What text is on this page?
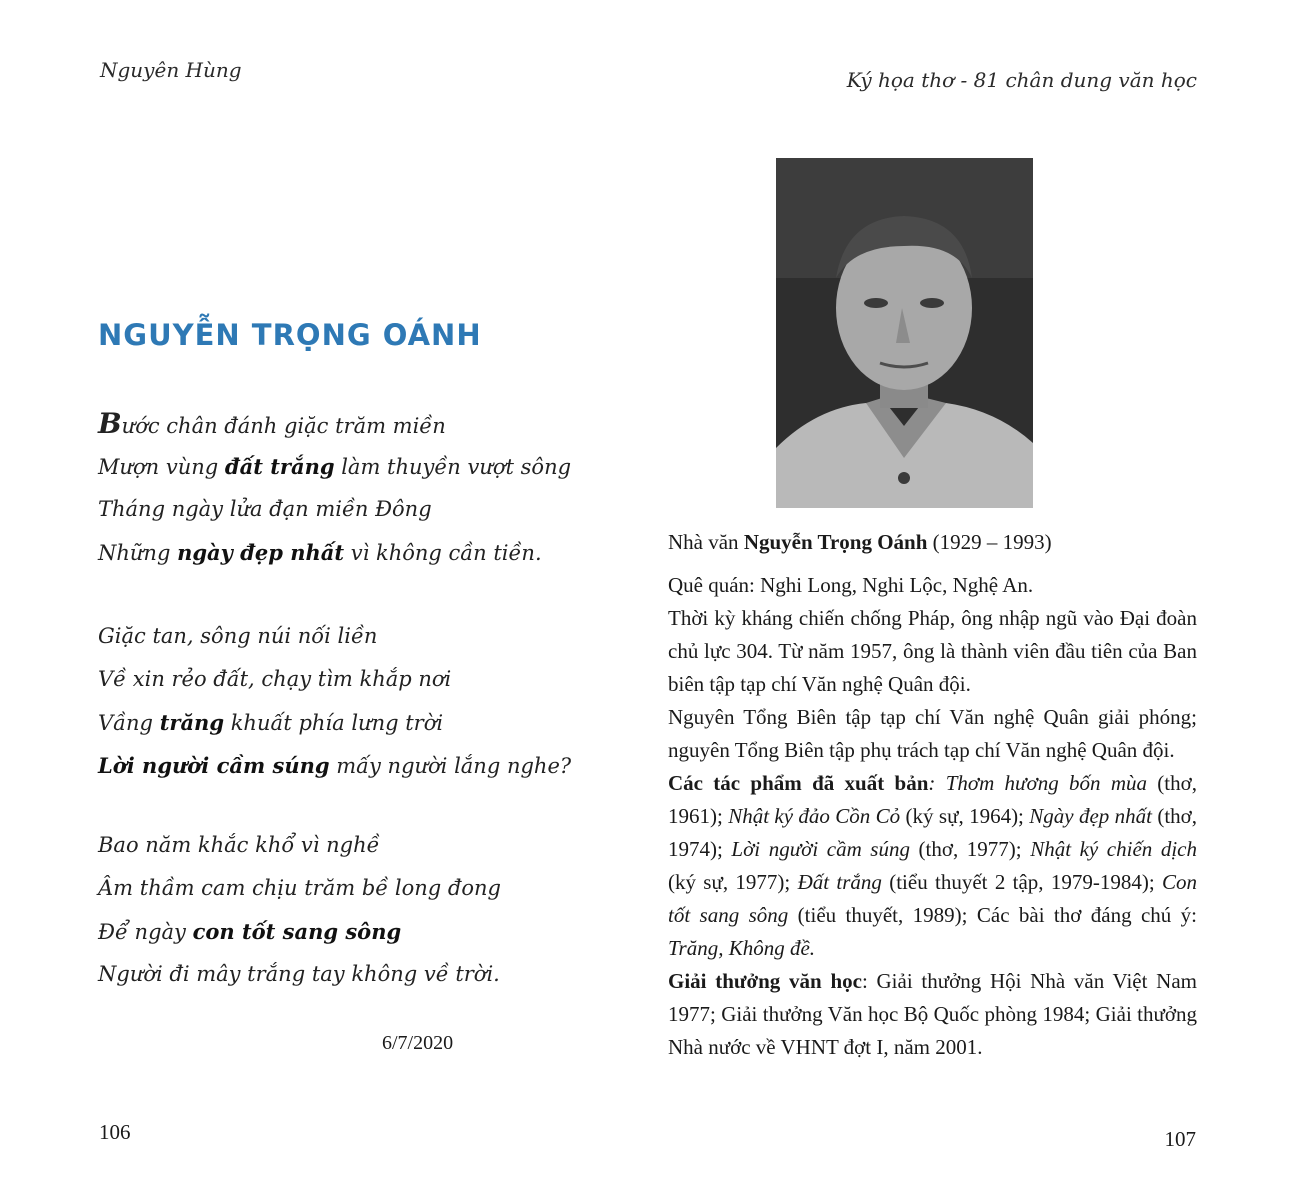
Nguyên Hùng	Ký họa thơ - 81 chân dung văn học
NGUYỄN TRỌNG OÁNH
Bước chân đánh giặc trăm miền
Mượn vùng đất trắng làm thuyền vượt sông
Tháng ngày lửa đạn miền Đông
Những ngày đẹp nhất vì không cần tiền.
Giặc tan, sông núi nối liền
Về xin rẻo đất, chạy tìm khắp nơi
Vầng trăng khuất phía lưng trời
Lời người cầm súng mấy người lắng nghe?
Bao năm khắc khổ vì nghề
Âm thầm cam chịu trăm bề long đong
Để ngày con tốt sang sông
Người đi mây trắng tay không về trời.
6/7/2020

Nhà văn Nguyễn Trọng Oánh (1929 – 1993)

Quê quán: Nghi Long, Nghi Lộc, Nghệ An.

Thời kỳ kháng chiến chống Pháp, ông nhập ngũ vào Đại đoàn chủ lực 304. Từ năm 1957, ông là thành viên đầu tiên của Ban biên tập tạp chí Văn nghệ Quân đội.

Nguyên Tổng Biên tập tạp chí Văn nghệ Quân giải phóng; nguyên Tổng Biên tập phụ trách tạp chí Văn nghệ Quân đội.

Các tác phẩm đã xuất bản: Thơm hương bốn mùa (thơ, 1961); Nhật ký đảo Cồn Cỏ (ký sự, 1964); Ngày đẹp nhất (thơ, 1974); Lời người cầm súng (thơ, 1977); Nhật ký chiến dịch (ký sự, 1977); Đất trắng (tiểu thuyết 2 tập, 1979-1984); Con tốt sang sông (tiểu thuyết, 1989); Các bài thơ đáng chú ý: Trăng, Không đề.

Giải thưởng văn học: Giải thưởng Hội Nhà văn Việt Nam 1977; Giải thưởng Văn học Bộ Quốc phòng 1984; Giải thưởng Nhà nước về VHNT đợt I, năm 2001.

106	107
